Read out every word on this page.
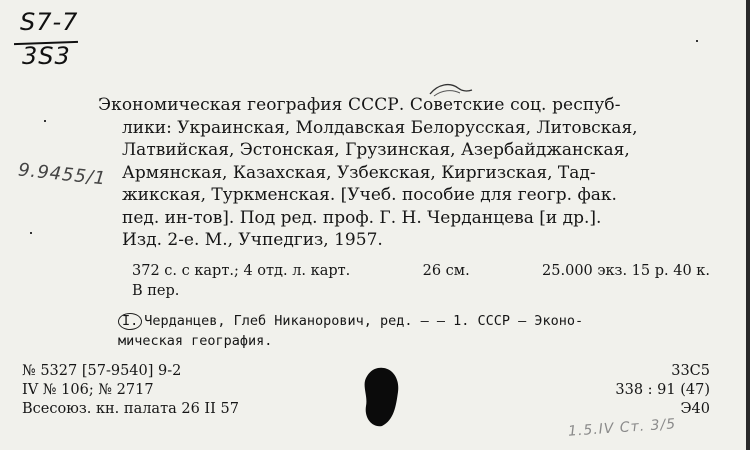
S7-7
3S3
9.9455/1
Экономическая география СССР. Советские соц. респуб-
лики: Украинская, Молдавская Белорусская, Литовская,
Латвийская, Эстонская, Грузинская, Азербайджанская,
Армянская, Казахская, Узбекская, Киргизская, Тад-
жикская, Туркменская. [Учеб. пособие для геогр. фак.
пед. ин-тов]. Под ред. проф. Г. Н. Черданцева [и др.].
Изд. 2-е. М., Учпедгиз, 1957.
372 с. с карт.; 4 отд. л. карт.	26 см.	25.000 экз. 15 р. 40 к.
В пер.
I. Черданцев, Глеб Никанорович, ред. — — 1. СССР — Эконо-
мическая география.
№ 5327 [57-9540] 9-2
IV № 106; № 2717
Всесоюз. кн. палата 26 II 57
33С5
338 : 91 (47)
Э40
1.5.IV Ст. 3/5
